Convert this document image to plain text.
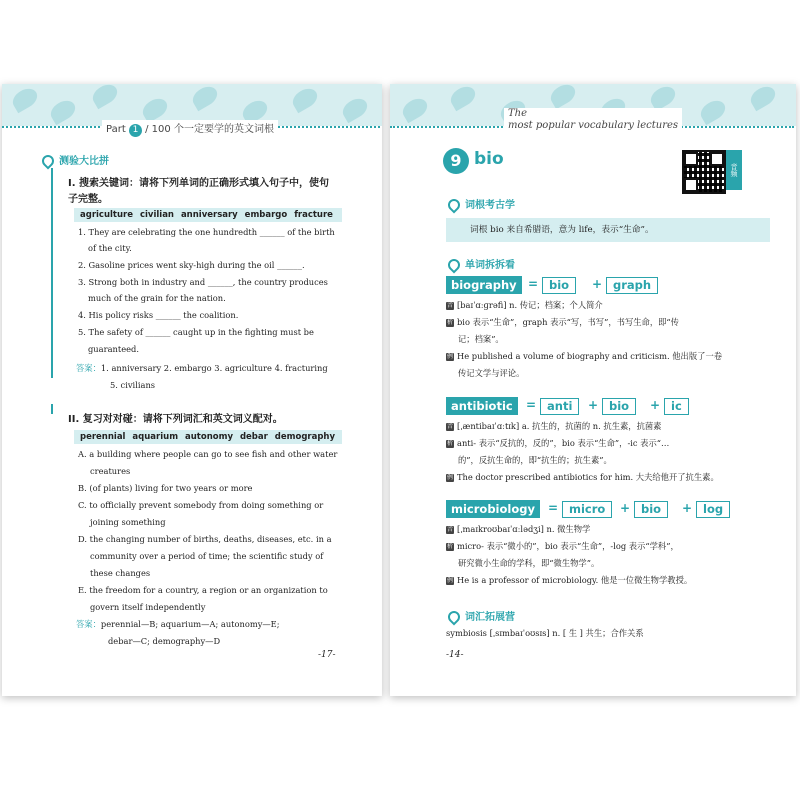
Part 1 / 100 个一定要学的英文词根
测验大比拼
I. 搜索关键词：请将下列单词的正确形式填入句子中，使句
子完整。
agriculture civilian anniversary embargo fracture
1. They are celebrating the one hundredth ______ of the birth
of the city.
2. Gasoline prices went sky-high during the oil ______.
3. Strong both in industry and ______, the country produces
much of the grain for the nation.
4. His policy risks ______ the coalition.
5. The safety of ______ caught up in the fighting must be
guaranteed.
答案：1. anniversary 2. embargo 3. agriculture 4. fracturing
5. civilians
II. 复习对对碰：请将下列词汇和英文词义配对。
perennial aquarium autonomy debar demography
A. a building where people can go to see fish and other water
creatures
B. (of plants) living for two years or more
C. to officially prevent somebody from doing something or
joining something
D. the changing number of births, deaths, diseases, etc. in a
community over a period of time; the scientific study of
these changes
E. the freedom for a country, a region or an organization to
govern itself independently
答案：perennial—B; aquarium—A; autonomy—E;
debar—C; demography—D
-17-
The
most popular vocabulary lectures
9 bio
音频
词根考古学
词根 bio 来自希腊语，意为 life，表示“生命”。
单词拆拆看
biography = bio	+ graph
音 [baɪˈɑːɡrəfi] n. 传记；档案；个人简介
析 bio 表示“生命”，graph 表示“写，书写”，书写生命，即“传
记；档案”。
例 He published a volume of biography and criticism. 他出版了一卷
传记文学与评论。
antibiotic	= anti	+ bio	+ ic
音 [ˌæntibaɪˈɑːtɪk] a. 抗生的，抗菌的 n. 抗生素，抗菌素
析 anti- 表示“反抗的，反的”，bio 表示“生命”，-ic 表示“…
的”，反抗生命的，即“抗生的；抗生素”。
例 The doctor prescribed antibiotics for him. 大夫给他开了抗生素。
microbiology	= micro	+ bio	+ log
音 [ˌmaɪkroʊbaɪˈɑːlədʒi] n. 微生物学
析 micro- 表示“微小的”，bio 表示“生命”，-log 表示“学科”，
研究微小生命的学科，即“微生物学”。
例 He is a professor of microbiology. 他是一位微生物学教授。
词汇拓展营
symbiosis [ˌsɪmbaɪˈoʊsɪs] n. [ 生 ] 共生；合作关系
-14-
